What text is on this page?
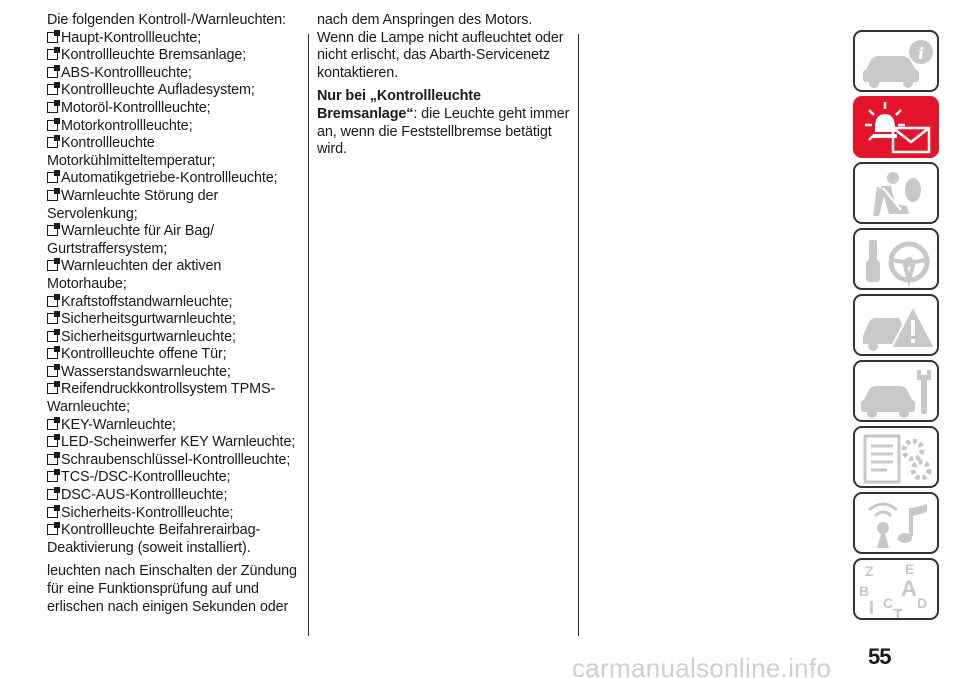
Die folgenden Kontroll-/Warnleuchten:
Haupt-Kontrollleuchte;
Kontrollleuchte Bremsanlage;
ABS-Kontrollleuchte;
Kontrollleuchte Aufladesystem;
Motoröl-Kontrollleuchte;
Motorkontrollleuchte;
Kontrollleuchte Motorkühlmitteltemperatur;
Automatikgetriebe-Kontrollleuchte;
Warnleuchte Störung der Servolenkung;
Warnleuchte für Air Bag/ Gurtstraffersystem;
Warnleuchten der aktiven Motorhaube;
Kraftstoffstandwarnleuchte;
Sicherheitsgurtwarnleuchte;
Sicherheitsgurtwarnleuchte;
Kontrollleuchte offene Tür;
Wasserstandswarnleuchte;
Reifendruckkontrollsystem TPMS-Warnleuchte;
KEY-Warnleuchte;
LED-Scheinwerfer KEY Warnleuchte;
Schraubenschlüssel-Kontrollleuchte;
TCS-/DSC-Kontrollleuchte;
DSC-AUS-Kontrollleuchte;
Sicherheits-Kontrollleuchte;
Kontrollleuchte Beifahrerairbag-Deaktivierung (soweit installiert).
leuchten nach Einschalten der Zündung für eine Funktionsprüfung auf und erlischen nach einigen Sekunden oder
nach dem Anspringen des Motors. Wenn die Lampe nicht aufleuchtet oder nicht erlischt, das Abarth-Servicenetz kontaktieren.
Nur bei „Kontrollleuchte Bremsanlage“: die Leuchte geht immer an, wenn die Feststellbremse betätigt wird.
i
Z E
B A
C D
I T
55
carmanualsonline.info
